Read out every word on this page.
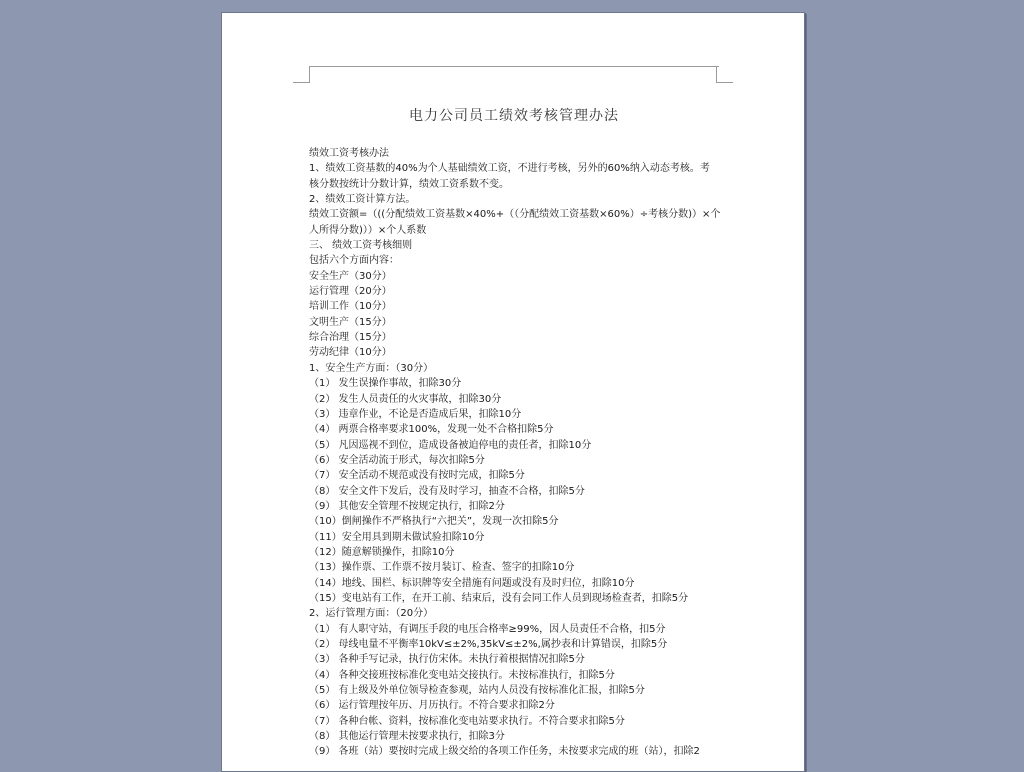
电力公司员工绩效考核管理办法
绩效工资考核办法
1、绩效工资基数的40%为个人基础绩效工资，不进行考核，另外的60%纳入动态考核。考
核分数按统计分数计算，绩效工资系数不变。
2、绩效工资计算方法。
绩效工资额=（((分配绩效工资基数×40%+（（分配绩效工资基数×60%）÷考核分数)）×个
人所得分数)））×个人系数
三、 绩效工资考核细则
包括六个方面内容：
安全生产（30分）
运行管理（20分）
培训工作（10分）
文明生产（15分）
综合治理（15分）
劳动纪律（10分）
1、安全生产方面：（30分）
（1） 发生误操作事故，扣除30分
（2） 发生人员责任的火灾事故，扣除30分
（3） 违章作业，不论是否造成后果，扣除10分
（4） 两票合格率要求100%，发现一处不合格扣除5分
（5） 凡因巡视不到位，造成设备被迫停电的责任者，扣除10分
（6） 安全活动流于形式，每次扣除5分
（7） 安全活动不规范或没有按时完成，扣除5分
（8） 安全文件下发后，没有及时学习，抽查不合格，扣除5分
（9） 其他安全管理不按规定执行，扣除2分
（10）倒闸操作不严格执行“六把关”，发现一次扣除5分
（11）安全用具到期未做试验扣除10分
（12）随意解锁操作，扣除10分
（13）操作票、工作票不按月装订、检查、签字的扣除10分
（14）地线、围栏、标识牌等安全措施有问题或没有及时归位，扣除10分
（15）变电站有工作，在开工前、结束后，没有会同工作人员到现场检查者，扣除5分
2、运行管理方面：（20分）
（1） 有人职守站，有调压手段的电压合格率≥99%，因人员责任不合格，扣5分
（2） 母线电量不平衡率10kV≤±2%,35kV≤±2%,属抄表和计算错误，扣除5分
（3） 各种手写记录，执行仿宋体。未执行着根据情况扣除5分
（4） 各种交接班按标准化变电站交接执行。未按标准执行，扣除5分
（5） 有上级及外单位领导检查参观，站内人员没有按标准化汇报，扣除5分
（6） 运行管理按年历、月历执行。不符合要求扣除2分
（7） 各种台帐、资料，按标准化变电站要求执行。不符合要求扣除5分
（8） 其他运行管理未按要求执行，扣除3分
（9） 各班（站）要按时完成上级交给的各项工作任务，未按要求完成的班（站），扣除2
